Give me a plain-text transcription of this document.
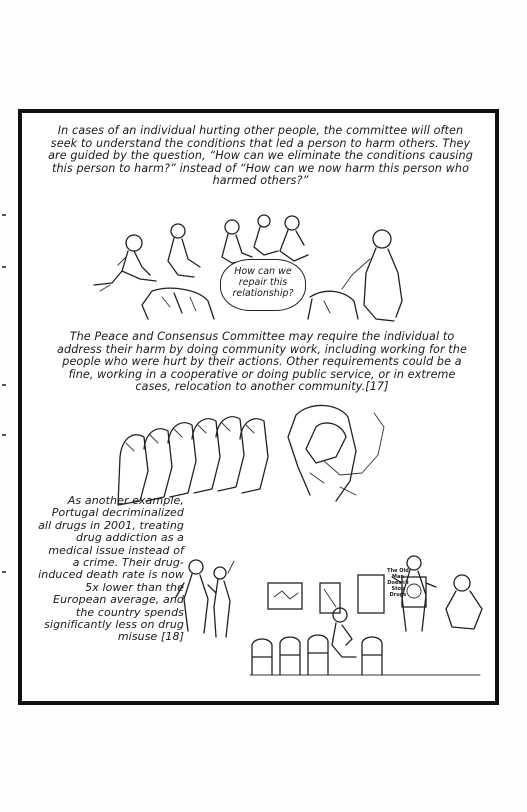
In cases of an individual hurting other people, the committee will often seek to understand the conditions that led a person to harm others. They are guided by the question, “How can we eliminate the conditions causing this person to harm?” instead of “How can we now harm this person who harmed others?”
How can we repair this relationship?
The Peace and Consensus Committee may require the individual to address their harm by doing community work, including working for the people who were hurt by their actions. Other requirements could be a fine, working in a cooperative or doing public service, or in extreme cases, relocation to another community.[17]
As another example, Portugal decriminalized all drugs in 2001, treating drug addiction as a medical issue instead of a crime. Their drug-induced death rate is now 5x lower than the European average, and the country spends significantly less on drug misuse [18]
The Old Man Doesn't Stop Drugs
